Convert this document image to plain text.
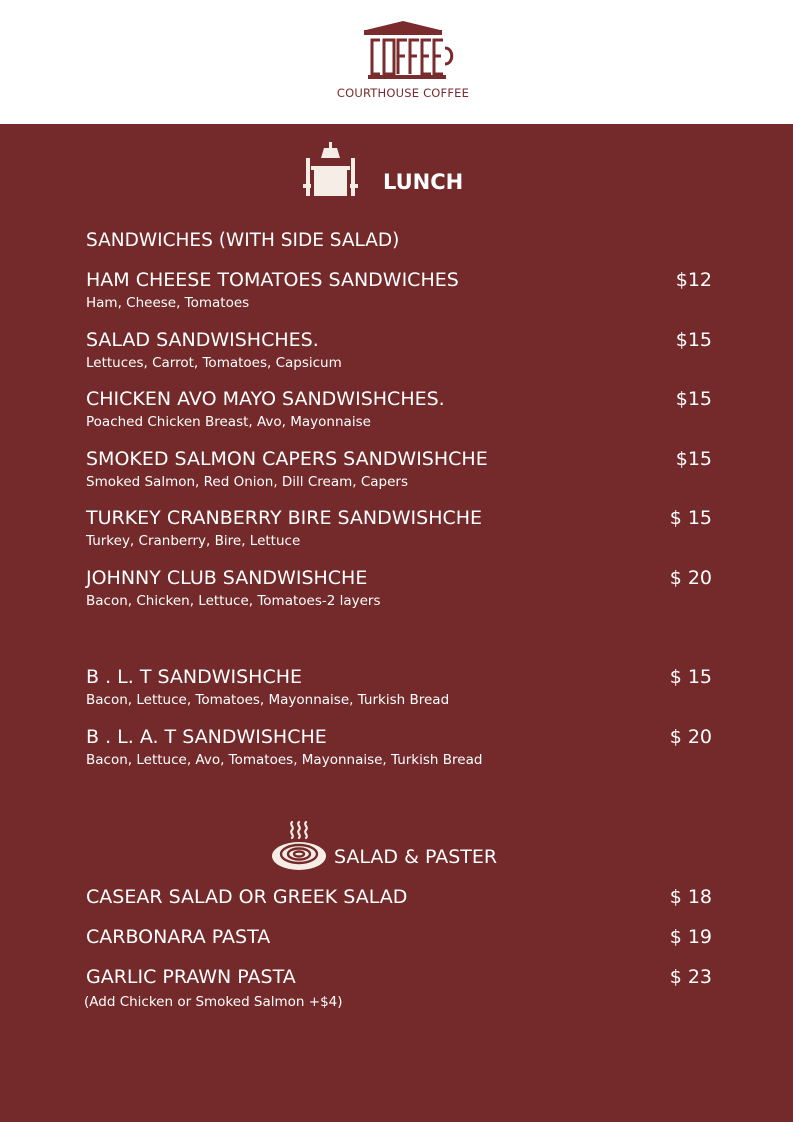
COURTHOUSE COFFEE
LUNCH
SANDWICHES (WITH SIDE SALAD)
HAM CHEESE TOMATOES SANDWICHES	$12
Ham, Cheese, Tomatoes
SALAD SANDWISHCHES.	$15
Lettuces, Carrot, Tomatoes, Capsicum
CHICKEN AVO MAYO SANDWISHCHES.	$15
Poached Chicken Breast, Avo, Mayonnaise
SMOKED SALMON CAPERS SANDWISHCHE	$15
Smoked Salmon, Red Onion, Dill Cream, Capers
TURKEY CRANBERRY BIRE SANDWISHCHE	$ 15
Turkey, Cranberry, Bire, Lettuce
JOHNNY CLUB SANDWISHCHE	$ 20
Bacon, Chicken, Lettuce, Tomatoes-2 layers
B . L. T SANDWISHCHE	$ 15
Bacon, Lettuce, Tomatoes, Mayonnaise, Turkish Bread
B . L. A. T SANDWISHCHE	$ 20
Bacon, Lettuce, Avo, Tomatoes, Mayonnaise, Turkish Bread
SALAD & PASTER
CASEAR SALAD OR GREEK SALAD	$ 18
CARBONARA PASTA	$ 19
GARLIC PRAWN PASTA	$ 23
(Add Chicken or Smoked Salmon +$4)
